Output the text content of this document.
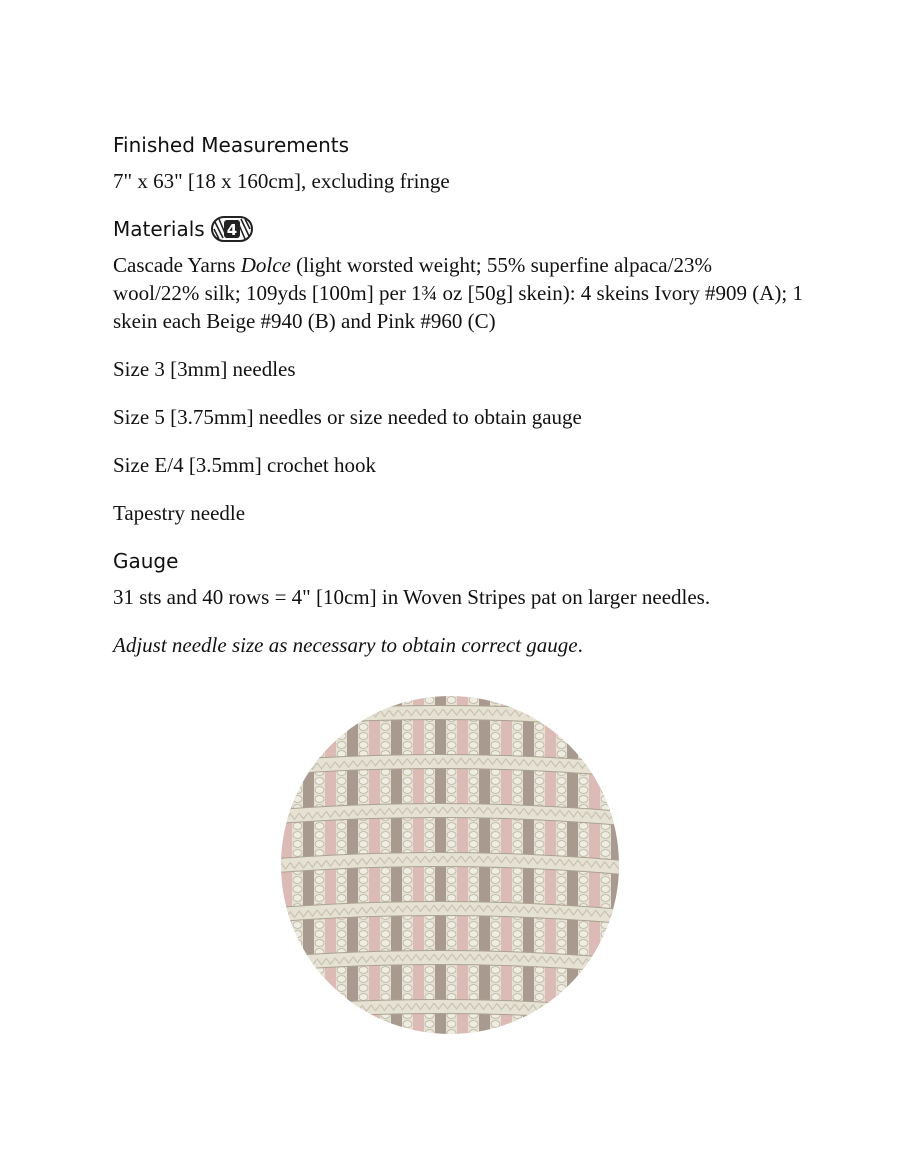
Finished Measurements

7" x 63" [18 x 160cm], excluding fringe

Materials 4

Cascade Yarns Dolce (light worsted weight; 55% superfine alpaca/23% wool/22% silk; 109yds [100m] per 1¾ oz [50g] skein): 4 skeins Ivory #909 (A); 1 skein each Beige #940 (B) and Pink #960 (C)

Size 3 [3mm] needles

Size 5 [3.75mm] needles or size needed to obtain gauge

Size E/4 [3.5mm] crochet hook

Tapestry needle

Gauge

31 sts and 40 rows = 4" [10cm] in Woven Stripes pat on larger needles.

Adjust needle size as necessary to obtain correct gauge.
